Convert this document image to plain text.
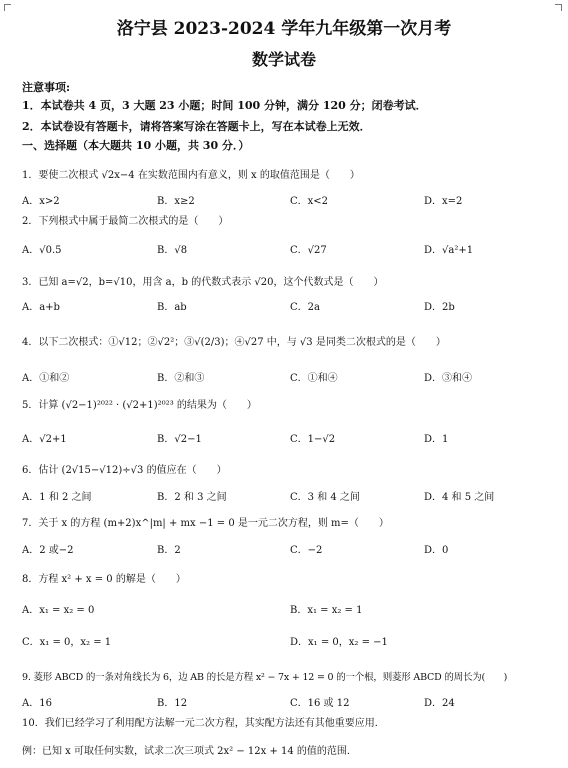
洛宁县 2023-2024 学年九年级第一次月考
数学试卷
注意事项:
1．本试卷共 4 页，3 大题 23 小题；时间 100 分钟，满分 120 分；闭卷考试．
2．本试卷设有答题卡，请将答案写涂在答题卡上，写在本试卷上无效．
一、选择题（本大题共 10 小题，共 30 分．）
1．要使二次根式 √2x−4 在实数范围内有意义，则 x 的取值范围是（　　）
A．x>2	B．x≥2	C．x<2	D．x=2
2．下列根式中属于最简二次根式的是（　　）
A．√0.5	B．√8	C．√27	D．√a²+1
3．已知 a=√2，b=√10，用含 a，b 的代数式表示 √20，这个代数式是（　　）
A．a+b	B．ab	C．2a	D．2b
4．以下二次根式：①√12；②√2²；③√(2/3)；④√27 中，与 √3 是同类二次根式的是（　　）
A．①和②	B．②和③	C．①和④	D．③和④
5．计算 (√2−1)²⁰²² · (√2+1)²⁰²³ 的结果为（　　）
A．√2+1	B．√2−1	C．1−√2	D．1
6．估计 (2√15−√12)÷√3 的值应在（　　）
A．1 和 2 之间	B．2 和 3 之间	C．3 和 4 之间	D．4 和 5 之间
7．关于 x 的方程 (m+2)x^|m| + mx −1 = 0 是一元二次方程，则 m=（　　）
A．2 或−2	B．2	C．−2	D．0
8．方程 x² + x = 0 的解是（　　）
A．x₁ = x₂ = 0	B．x₁ = x₂ = 1
C．x₁ = 0，x₂ = 1	D．x₁ = 0，x₂ = −1
9. 菱形 ABCD 的一条对角线长为 6，边 AB 的长是方程 x² − 7x + 12 = 0 的一个根，则菱形 ABCD 的周长为(　　)
A．16	B．12	C．16 或 12	D．24
10．我们已经学习了利用配方法解一元二次方程，其实配方法还有其他重要应用．
例：已知 x 可取任何实数，试求二次三项式 2x² − 12x + 14 的值的范围．
